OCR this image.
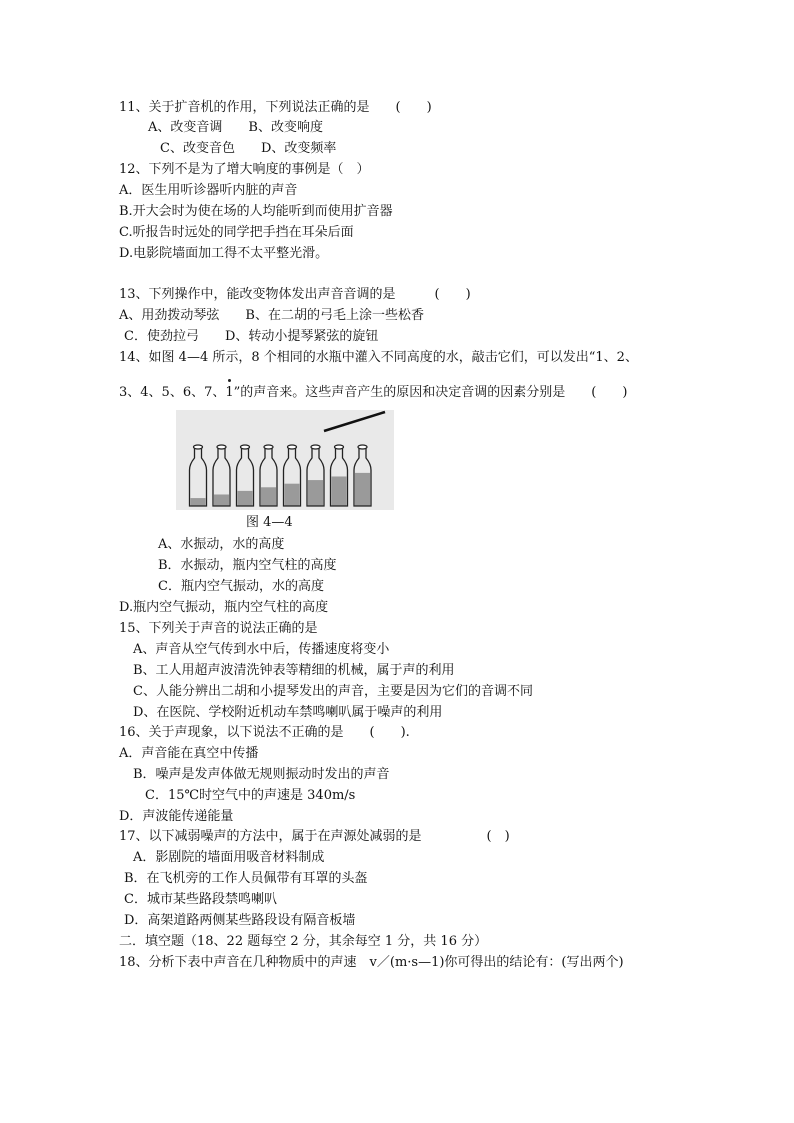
11、关于扩音机的作用，下列说法正确的是　　(　　)
A、改变音调　　B、改变响度
C、改变音色　　D、改变频率
12、下列不是为了增大响度的事例是（　）
A．医生用听诊器听内脏的声音
B.开大会时为使在场的人均能听到而使用扩音器
C.听报告时远处的同学把手挡在耳朵后面
D.电影院墙面加工得不太平整光滑。
13、下列操作中，能改变物体发出声音音调的是　　　(　　)
A、用劲拨动琴弦　　B、在二胡的弓毛上涂一些松香
C．使劲拉弓　　D、转动小提琴紧弦的旋钮
14、如图 4—4 所示，8 个相同的水瓶中灌入不同高度的水，敲击它们，可以发出“1、2、
3、4、5、6、7、1”的声音来。这些声音产生的原因和决定音调的因素分别是　　(　　)
图 4—4
A、水振动，水的高度
B．水振动，瓶内空气柱的高度
C．瓶内空气振动，水的高度
D.瓶内空气振动，瓶内空气柱的高度
15、下列关于声音的说法正确的是
A、声音从空气传到水中后，传播速度将变小
B、工人用超声波清洗钟表等精细的机械，属于声的利用
C、人能分辨出二胡和小提琴发出的声音，主要是因为它们的音调不同
D、在医院、学校附近机动车禁鸣喇叭属于噪声的利用
16、关于声现象，以下说法不正确的是　　(　　).
A．声音能在真空中传播
B．噪声是发声体做无规则振动时发出的声音
C．15℃时空气中的声速是 340m/s
D．声波能传递能量
17、以下减弱噪声的方法中，属于在声源处减弱的是　　　　　(　)
A．影剧院的墙面用吸音材料制成
B．在飞机旁的工作人员佩带有耳罩的头盔
C．城市某些路段禁鸣喇叭
D．高架道路两侧某些路段设有隔音板墙
二．填空题（18、22 题每空 2 分，其余每空 1 分，共 16 分）
18、分析下表中声音在几种物质中的声速　v／(m·s—1)你可得出的结论有：(写出两个)
